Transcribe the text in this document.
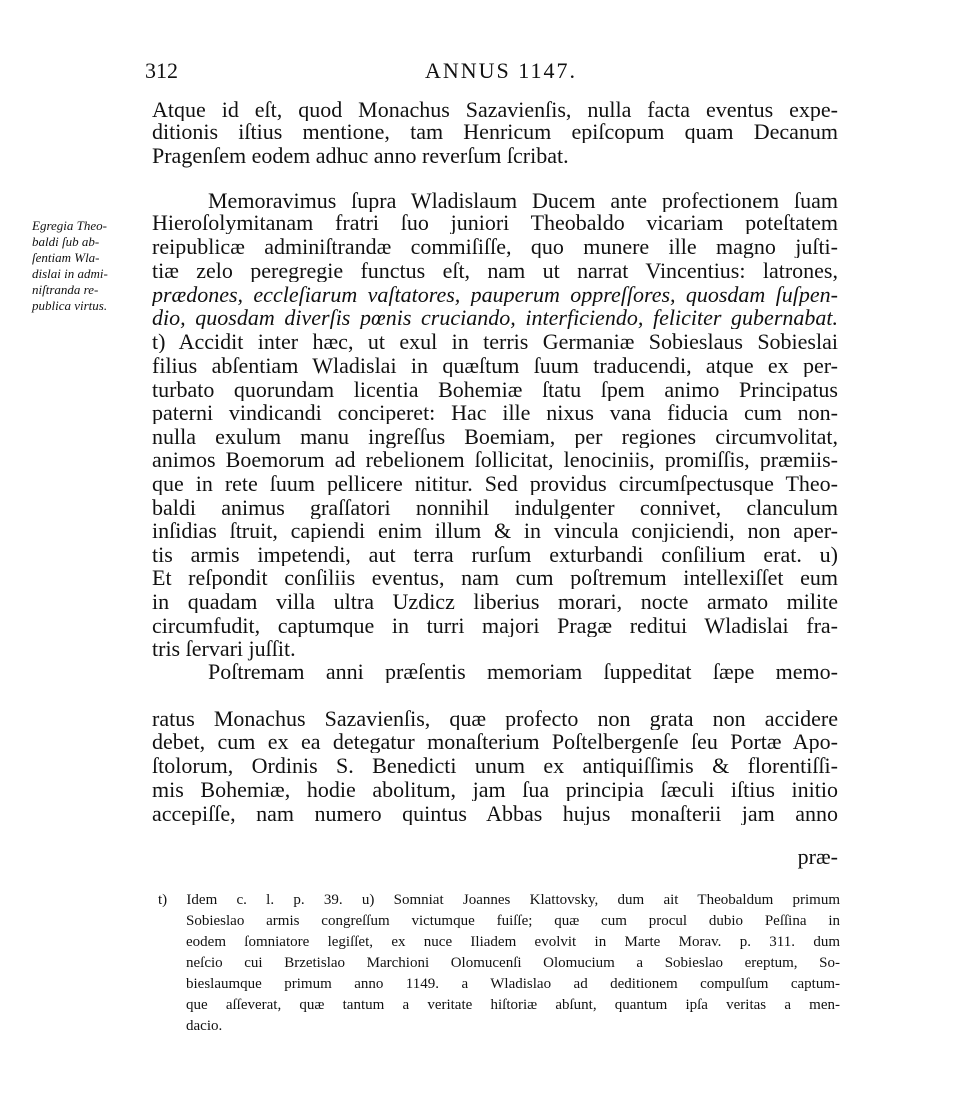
312	ANNUS 1147.
Egregia Theo-
baldi ſub ab-
ſentiam Wla-
dislai in admi-
niſtranda re-
publica virtus.
Atque id eſt, quod Monachus Sazavienſis, nulla facta eventus expe-
ditionis iſtius mentione, tam Henricum epiſcopum quam Decanum
Pragenſem eodem adhuc anno reverſum ſcribat.
Memoravimus ſupra Wladislaum Ducem ante profectionem ſuam
Hieroſolymitanam fratri ſuo juniori Theobaldo vicariam poteſtatem
reipublicæ adminiſtrandæ commiſiſſe, quo munere ille magno juſti-
tiæ zelo peregregie functus eſt, nam ut narrat Vincentius: latrones,
prædones, eccleſiarum vaſtatores, pauperum oppreſſores, quosdam ſuſpen-
dio, quosdam diverſis pœnis cruciando, interficiendo, feliciter gubernabat.
t) Accidit inter hæc, ut exul in terris Germaniæ Sobieslaus Sobieslai
filius abſentiam Wladislai in quæſtum ſuum traducendi, atque ex per-
turbato quorundam licentia Bohemiæ ſtatu ſpem animo Principatus
paterni vindicandi conciperet: Hac ille nixus vana fiducia cum non-
nulla exulum manu ingreſſus Boemiam, per regiones circumvolitat,
animos Boemorum ad rebelionem ſollicitat, lenociniis, promiſſis, præmiis-
que in rete ſuum pellicere nititur. Sed providus circumſpectusque Theo-
baldi animus graſſatori nonnihil indulgenter connivet, clanculum
inſidias ſtruit, capiendi enim illum & in vincula conjiciendi, non aper-
tis armis impetendi, aut terra rurſum exturbandi conſilium erat. u)
Et reſpondit conſiliis eventus, nam cum poſtremum intellexiſſet eum
in quadam villa ultra Uzdicz liberius morari, nocte armato milite
circumfudit, captumque in turri majori Pragæ reditui Wladislai fra-
tris ſervari juſſit.
Poſtremam anni præſentis memoriam ſuppeditat ſæpe memo-
ratus Monachus Sazavienſis, quæ profecto non grata non accidere
debet, cum ex ea detegatur monaſterium Poſtelbergenſe ſeu Portæ Apo-
ſtolorum, Ordinis S. Benedicti unum ex antiquiſſimis & florentiſſi-
mis Bohemiæ, hodie abolitum, jam ſua principia ſæculi iſtius initio
accepiſſe, nam numero quintus Abbas hujus monaſterii jam anno
præ-
t) Idem c. l. p. 39. u) Somniat Joannes Klattovsky, dum ait Theobaldum primum
Sobieslao armis congreſſum victumque fuiſſe; quæ cum procul dubio Peſſina in
eodem ſomniatore legiſſet, ex nuce Iliadem evolvit in Marte Morav. p. 311. dum
neſcio cui Brzetislao Marchioni Olomucenſi Olomucium a Sobieslao ereptum, So-
bieslaumque primum anno 1149. a Wladislao ad deditionem compulſum captum-
que aſſeverat, quæ tantum a veritate hiſtoriæ abſunt, quantum ipſa veritas a men-
dacio.
